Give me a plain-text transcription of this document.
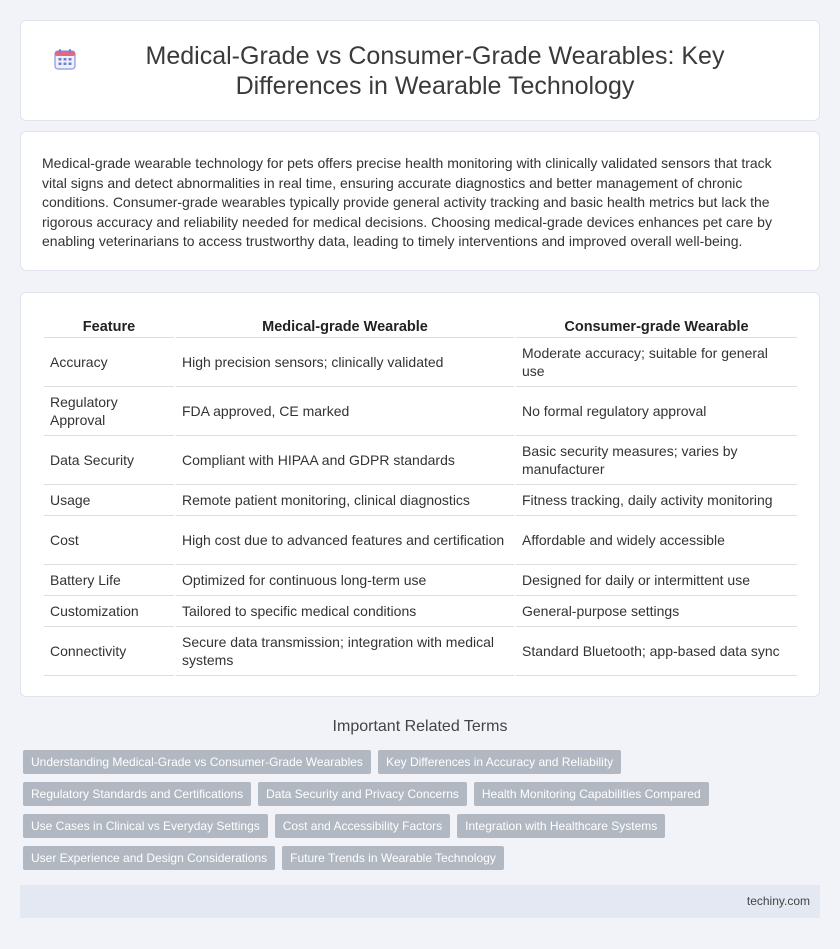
Medical-Grade vs Consumer-Grade Wearables: Key Differences in Wearable Technology

Medical-grade wearable technology for pets offers precise health monitoring with clinically validated sensors that track vital signs and detect abnormalities in real time, ensuring accurate diagnostics and better management of chronic conditions. Consumer-grade wearables typically provide general activity tracking and basic health metrics but lack the rigorous accuracy and reliability needed for medical decisions. Choosing medical-grade devices enhances pet care by enabling veterinarians to access trustworthy data, leading to timely interventions and improved overall well-being.

Feature	Medical-grade Wearable	Consumer-grade Wearable
Accuracy	High precision sensors; clinically validated	Moderate accuracy; suitable for general use
Regulatory Approval	FDA approved, CE marked	No formal regulatory approval
Data Security	Compliant with HIPAA and GDPR standards	Basic security measures; varies by manufacturer
Usage	Remote patient monitoring, clinical diagnostics	Fitness tracking, daily activity monitoring
Cost	High cost due to advanced features and certification	Affordable and widely accessible
Battery Life	Optimized for continuous long-term use	Designed for daily or intermittent use
Customization	Tailored to specific medical conditions	General-purpose settings
Connectivity	Secure data transmission; integration with medical systems	Standard Bluetooth; app-based data sync
Important Related Terms
Understanding Medical-Grade vs Consumer-Grade Wearables	Key Differences in Accuracy and Reliability
Regulatory Standards and Certifications	Data Security and Privacy Concerns	Health Monitoring Capabilities Compared
Use Cases in Clinical vs Everyday Settings	Cost and Accessibility Factors	Integration with Healthcare Systems
User Experience and Design Considerations	Future Trends in Wearable Technology
techiny.com
